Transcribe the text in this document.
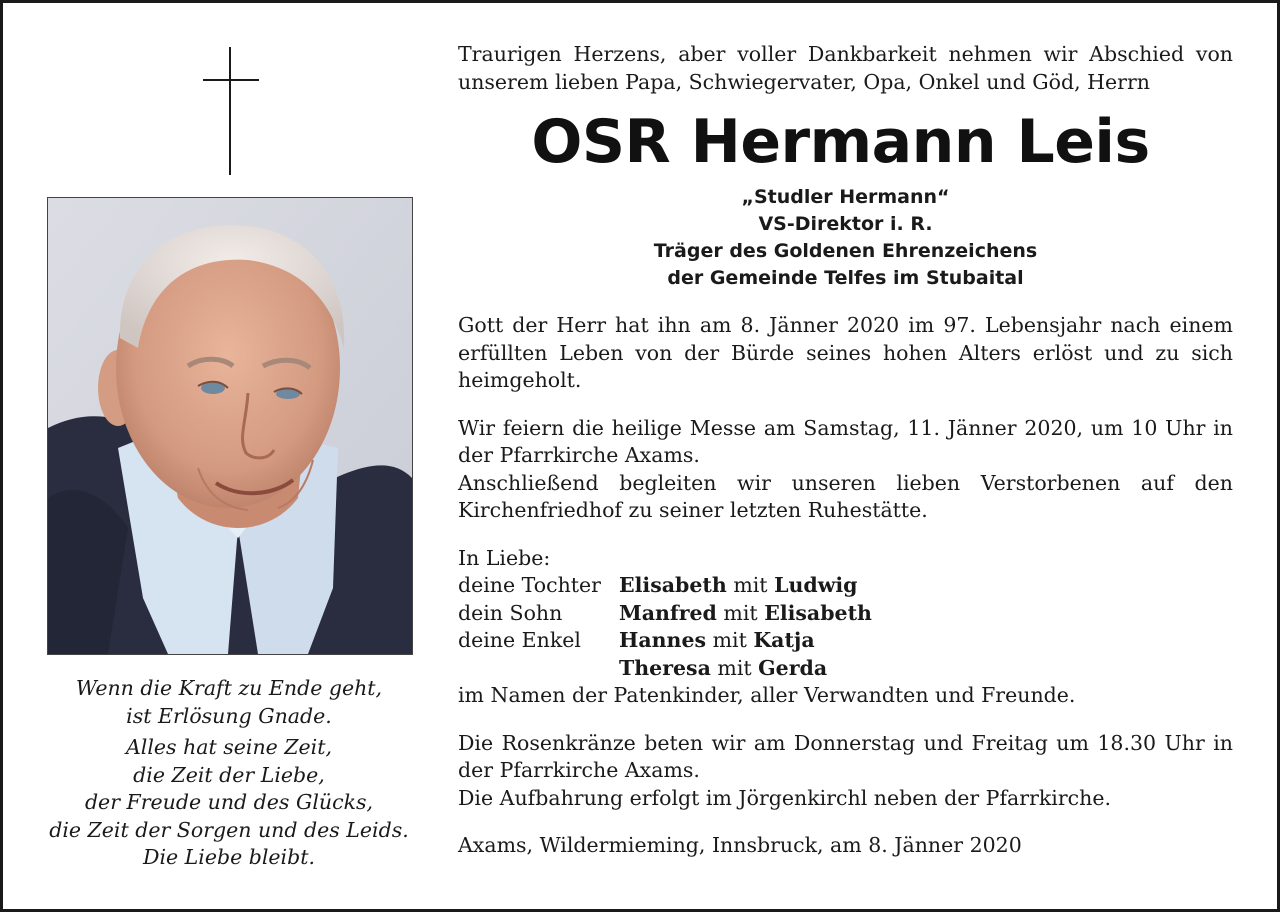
Wenn die Kraft zu Ende geht,
ist Erlösung Gnade.
Alles hat seine Zeit,
die Zeit der Liebe,
der Freude und des Glücks,
die Zeit der Sorgen und des Leids.
Die Liebe bleibt.
Traurigen Herzens, aber voller Dankbarkeit nehmen wir Abschied von
unserem lieben Papa, Schwiegervater, Opa, Onkel und Göd, Herrn
OSR Hermann Leis
„Studler Hermann“
VS-Direktor i. R.
Träger des Goldenen Ehrenzeichens
der Gemeinde Telfes im Stubaital
Gott der Herr hat ihn am 8. Jänner 2020 im 97. Lebensjahr nach einem
erfüllten Leben von der Bürde seines hohen Alters erlöst und zu sich
heimgeholt.
Wir feiern die heilige Messe am Samstag, 11. Jänner 2020, um 10 Uhr in
der Pfarrkirche Axams.
Anschließend begleiten wir unseren lieben Verstorbenen auf den
Kirchenfriedhof zu seiner letzten Ruhestätte.
In Liebe:
deine Tochter Elisabeth
mit
Ludwig
dein Sohn	Manfred
mit
Elisabeth
deine Enkel	Hannes
mit
Katja
Theresa
mit
Gerda
im Namen der Patenkinder, aller Verwandten und Freunde.
Die Rosenkränze beten wir am Donnerstag und Freitag um 18.30 Uhr in
der Pfarrkirche Axams.
Die Aufbahrung erfolgt im Jörgenkirchl neben der Pfarrkirche.
Axams, Wildermieming, Innsbruck, am 8. Jänner 2020
